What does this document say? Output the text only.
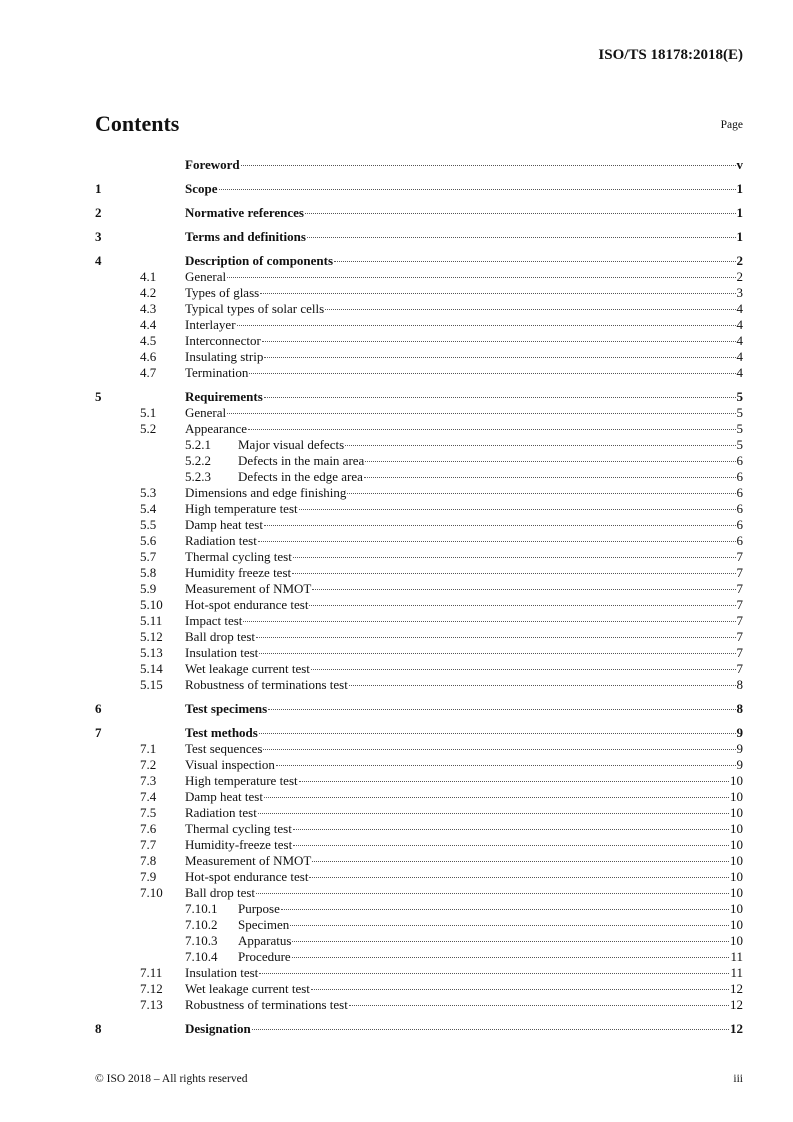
ISO/TS 18178:2018(E)
Contents	Page
Foreword	v
1	Scope	1
2	Normative references	1
3	Terms and definitions	1
4	Description of components	2
4.1	General	2
4.2	Types of glass	3
4.3	Typical types of solar cells	4
4.4	Interlayer	4
4.5	Interconnector	4
4.6	Insulating strip	4
4.7	Termination	4
5	Requirements	5
5.1	General	5
5.2	Appearance	5
5.2.1	Major visual defects	5
5.2.2	Defects in the main area	6
5.2.3	Defects in the edge area	6
5.3	Dimensions and edge finishing	6
5.4	High temperature test	6
5.5	Damp heat test	6
5.6	Radiation test	6
5.7	Thermal cycling test	7
5.8	Humidity freeze test	7
5.9	Measurement of NMOT	7
5.10	Hot-spot endurance test	7
5.11	Impact test	7
5.12	Ball drop test	7
5.13	Insulation test	7
5.14	Wet leakage current test	7
5.15	Robustness of terminations test	8
6	Test specimens	8
7	Test methods	9
7.1	Test sequences	9
7.2	Visual inspection	9
7.3	High temperature test	10
7.4	Damp heat test	10
7.5	Radiation test	10
7.6	Thermal cycling test	10
7.7	Humidity-freeze test	10
7.8	Measurement of NMOT	10
7.9	Hot-spot endurance test	10
7.10	Ball drop test	10
7.10.1	Purpose	10
7.10.2	Specimen	10
7.10.3	Apparatus	10
7.10.4	Procedure	11
7.11	Insulation test	11
7.12	Wet leakage current test	12
7.13	Robustness of terminations test	12
8	Designation	12
© ISO 2018 – All rights reserved	iii
